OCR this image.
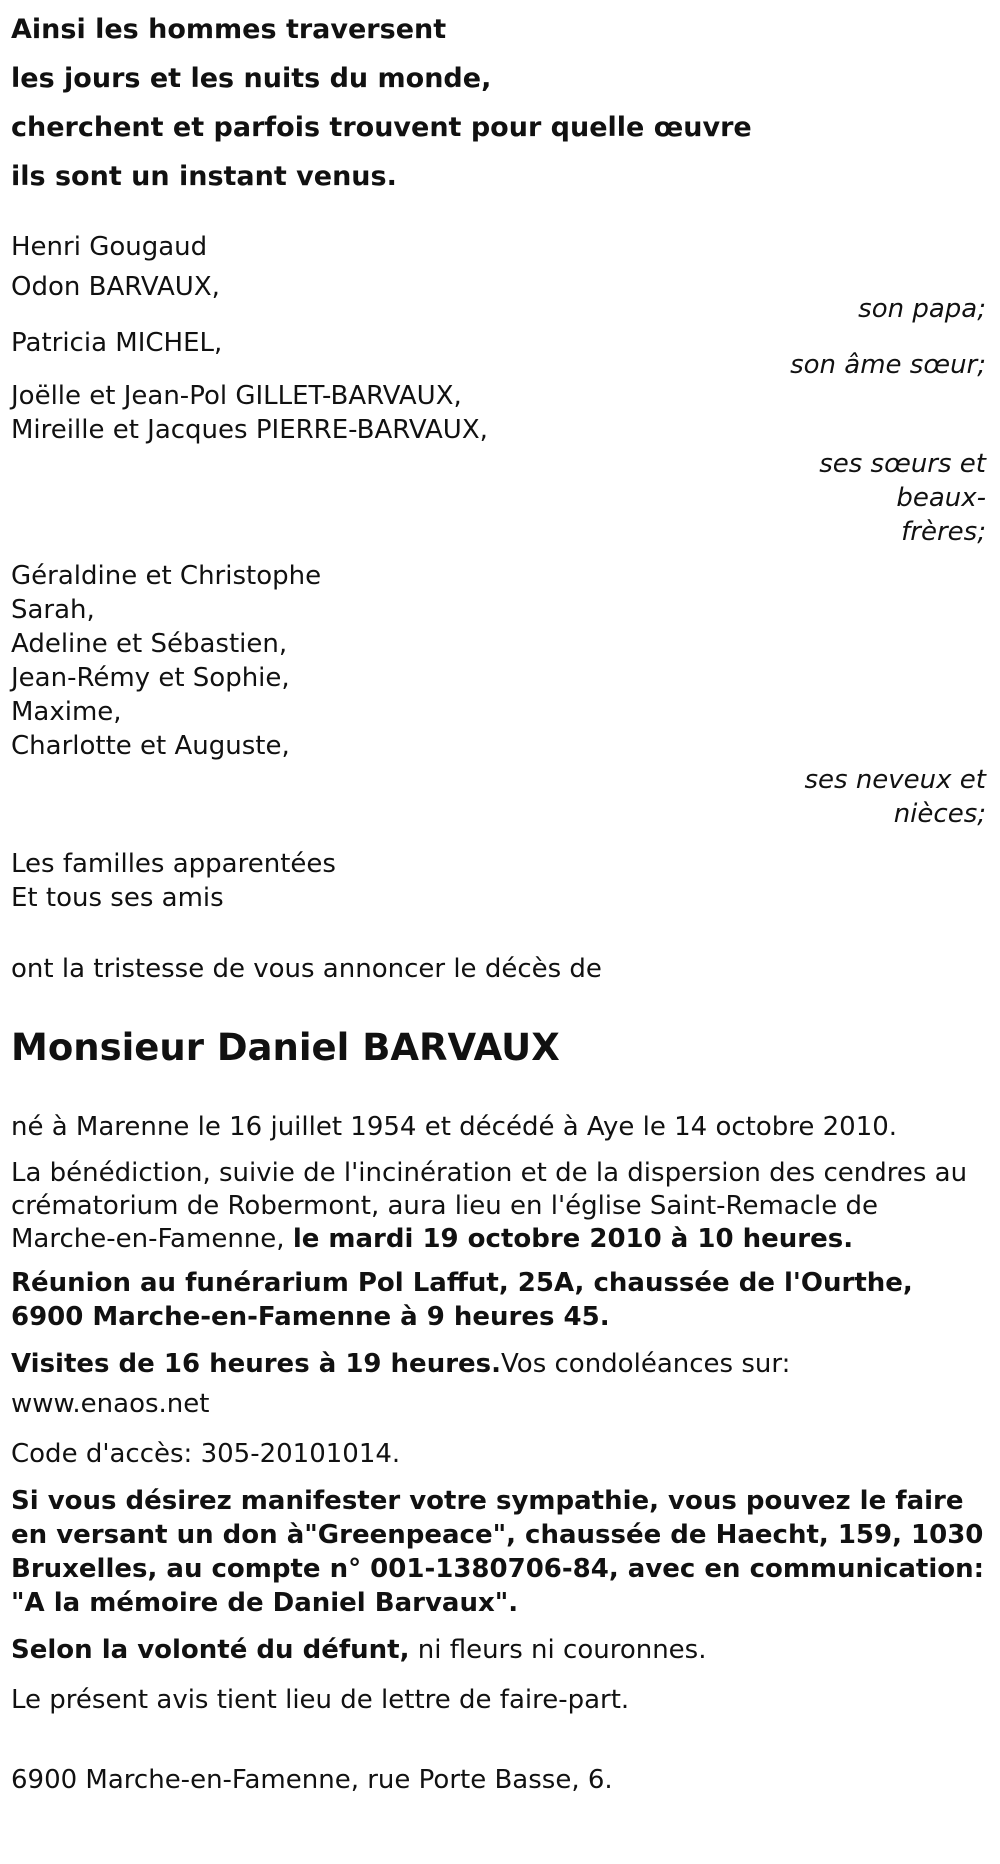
Ainsi les hommes traversent
les jours et les nuits du monde,
cherchent et parfois trouvent pour quelle œuvre
ils sont un instant venus.
Henri Gougaud
Odon BARVAUX,
son papa;
Patricia MICHEL,
son âme sœur;
Joëlle et Jean-Pol GILLET-BARVAUX,
Mireille et Jacques PIERRE-BARVAUX,
ses sœurs et beaux-
frères;
Géraldine et Christophe
Sarah,
Adeline et Sébastien,
Jean-Rémy et Sophie,
Maxime,
Charlotte et Auguste,
ses neveux et
nièces;
Les familles apparentées
Et tous ses amis
ont la tristesse de vous annoncer le décès de
Monsieur Daniel BARVAUX
né à Marenne le 16 juillet 1954 et décédé à Aye le 14 octobre 2010.
La bénédiction, suivie de l'incinération et de la dispersion des cendres au crématorium de Robermont, aura lieu en l'église Saint-Remacle de Marche-en-Famenne, le mardi 19 octobre 2010 à 10 heures.
Réunion au funérarium Pol Laffut, 25A, chaussée de l'Ourthe, 6900 Marche-en-Famenne à 9 heures 45.
Visites de 16 heures à 19 heures.Vos condoléances sur: www.enaos.net
Code d'accès: 305-20101014.
Si vous désirez manifester votre sympathie, vous pouvez le faire en versant un don à"Greenpeace", chaussée de Haecht, 159, 1030 Bruxelles, au compte n° 001-1380706-84, avec en communication: "A la mémoire de Daniel Barvaux".
Selon la volonté du défunt, ni fleurs ni couronnes.
Le présent avis tient lieu de lettre de faire-part.
6900 Marche-en-Famenne, rue Porte Basse, 6.
